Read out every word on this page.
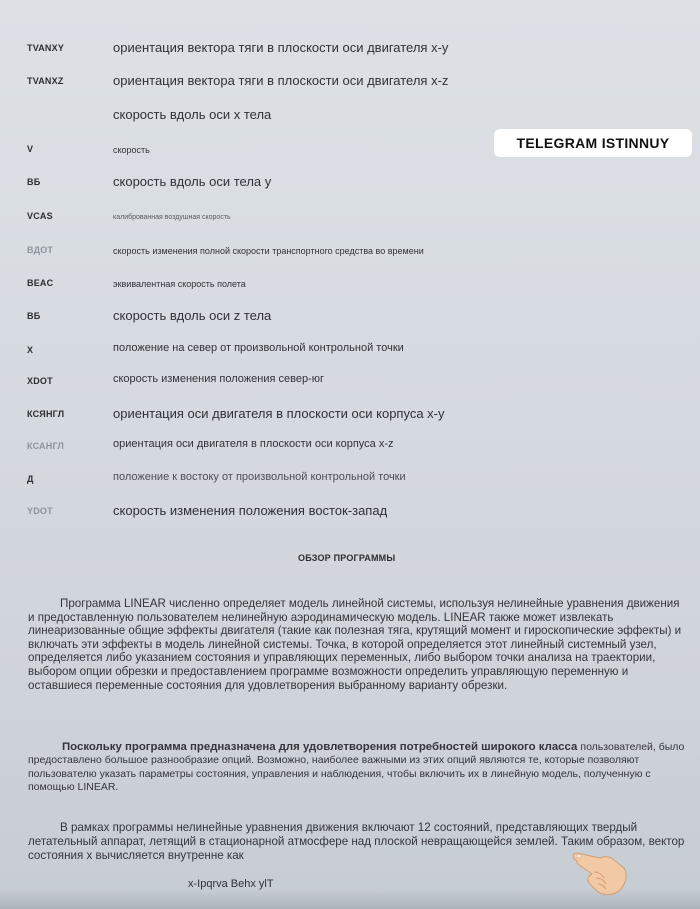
TVANXY	ориентация вектора тяги в плоскости оси двигателя x-y
TVANXZ	ориентация вектора тяги в плоскости оси двигателя x-z
скорость вдоль оси x тела
V	скорость
ВБ	скорость вдоль оси тела у
VCAS	калиброванная воздушная скорость
ВДОТ	скорость изменения полной скорости транспортного средства во времени
BEAC	эквивалентная скорость полета
ВБ	скорость вдоль оси z тела
X	положение на север от произвольной контрольной точки
XDOT	скорость изменения положения север-юг
КСЯНГЛ	ориентация оси двигателя в плоскости оси корпуса x-y
КСАНГЛ	ориентация оси двигателя в плоскости оси корпуса x-z
Д	положение к востоку от произвольной контрольной точки
YDOT	скорость изменения положения восток-запад
TELEGRAM ISTINNUY
ОБЗОР ПРОГРАММЫ

Программа LINEAR численно определяет модель линейной системы, используя нелинейные уравнения движения и предоставленную пользователем нелинейную аэродинамическую модель. LINEAR также может извлекать линеаризованные общие эффекты двигателя (такие как полезная тяга, крутящий момент и гироскопические эффекты) и включать эти эффекты в модель линейной системы. Точка, в которой определяется этот линейный системный узел, определяется либо указанием состояния и управляющих переменных, либо выбором точки анализа на траектории, выбором опции обрезки и предоставлением программе возможности определить управляющую переменную и оставшиеся переменные состояния для удовлетворения выбранному варианту обрезки.

Поскольку программа предназначена для удовлетворения потребностей широкого класса пользователей, было предоставлено большое разнообразие опций. Возможно, наиболее важными из этих опций являются те, которые позволяют пользователю указать параметры состояния, управления и наблюдения, чтобы включить их в линейную модель, полученную с помощью LINEAR.

В рамках программы нелинейные уравнения движения включают 12 состояний, представляющих твердый летательный аппарат, летящий в стационарной атмосфере над плоской невращающейся землей. Таким образом, вектор состояния x вычисляется внутренне как

x-Ipqrva Behx ylT
